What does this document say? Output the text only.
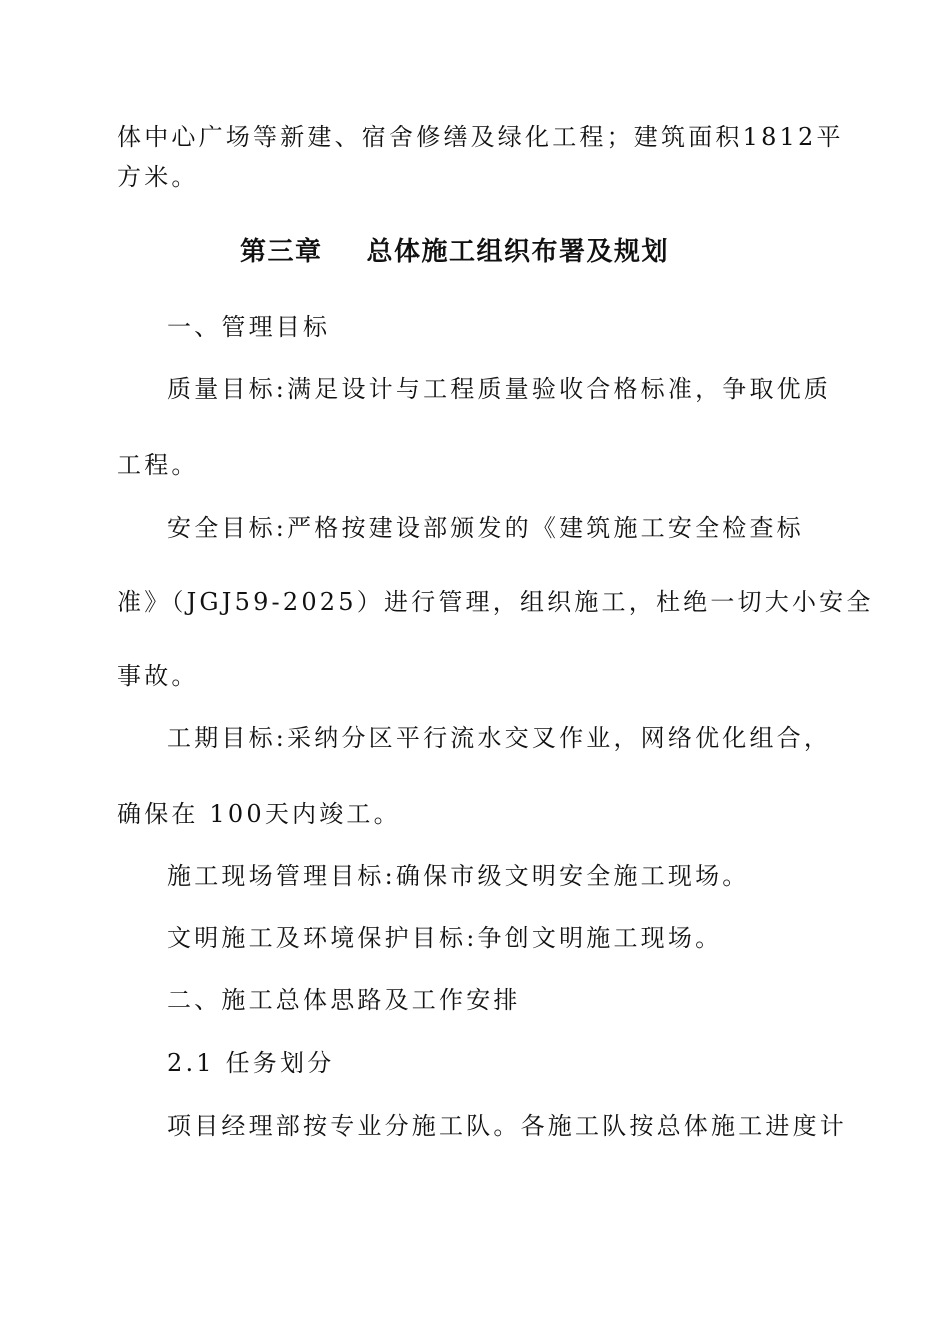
体中心广场等新建、宿舍修缮及绿化工程；建筑面积1812平
方米。
第三章 总体施工组织布署及规划
一、管理目标
质量目标:满足设计与工程质量验收合格标准，争取优质
工程。
安全目标:严格按建设部颁发的《建筑施工安全检查标
准》（JGJ59-2025）进行管理，组织施工，杜绝一切大小安全
事故。
工期目标:采纳分区平行流水交叉作业，网络优化组合，
确保在 100天内竣工。
施工现场管理目标:确保市级文明安全施工现场。
文明施工及环境保护目标:争创文明施工现场。
二、施工总体思路及工作安排
2.1 任务划分
项目经理部按专业分施工队。各施工队按总体施工进度计
